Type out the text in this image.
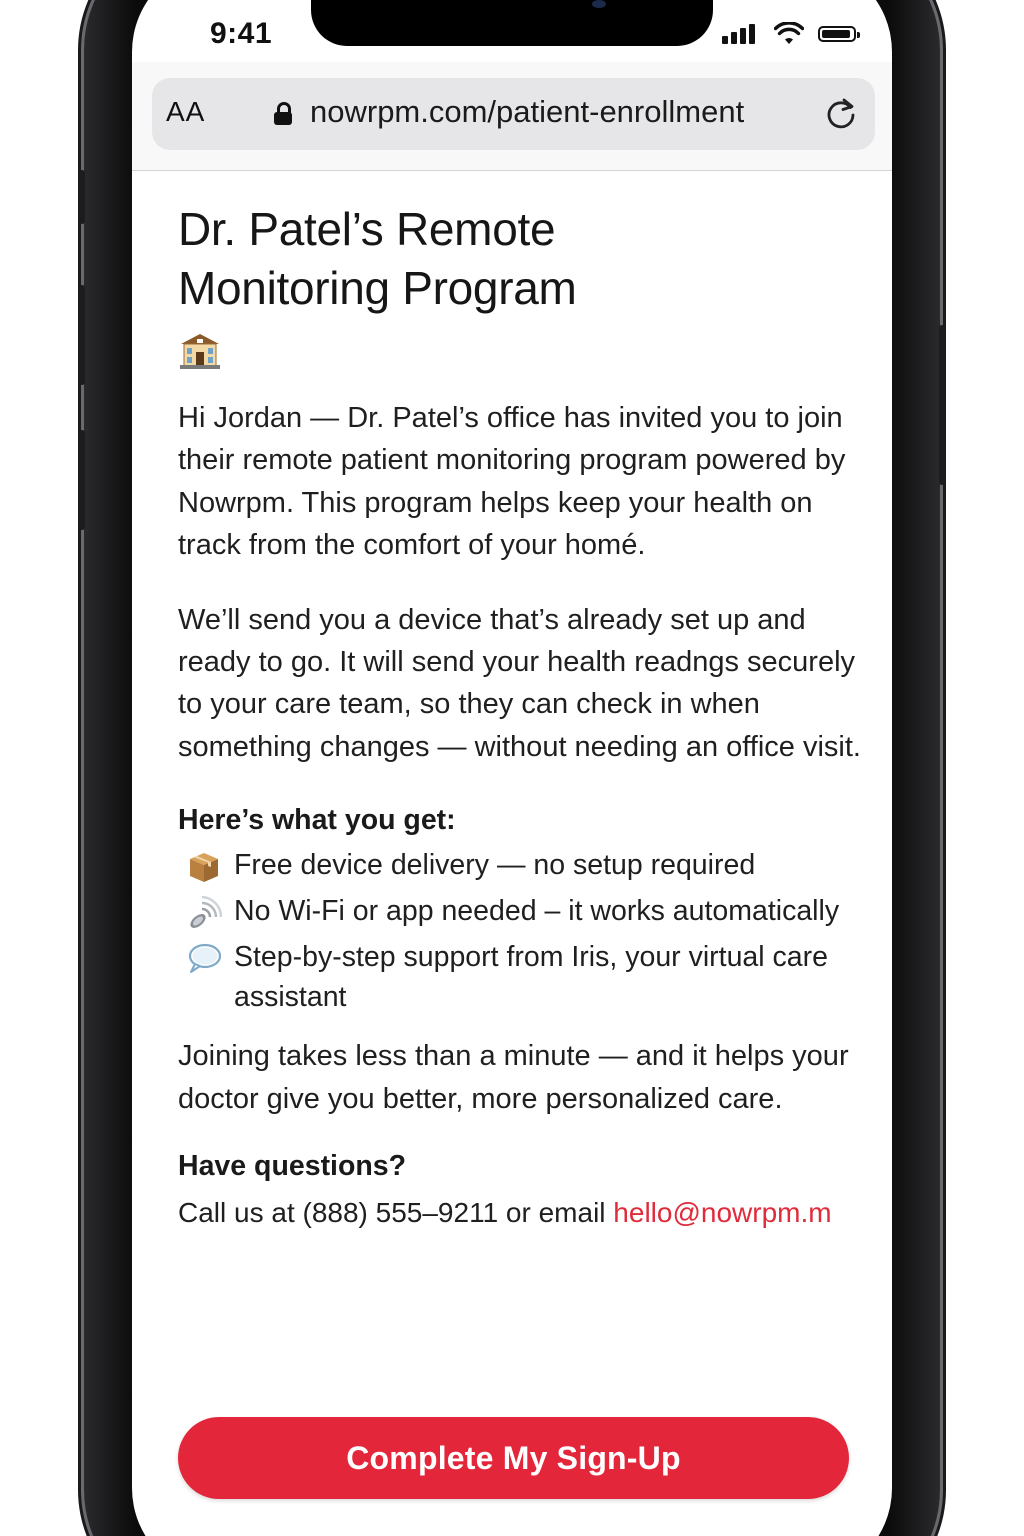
9:41
AA	nowrpm.com/patient-enrollment
Dr. Patel’s Remote
Monitoring Program

Hi Jordan — Dr. Patel’s office has invited you to join their remote patient monitoring program powered by Nowrpm. This program helps keep your health on track from the comfort of your homé.

We’ll send you a device that’s already set up and ready to go. It will send your health readngs securely to your care team, so they can check in when something changes — without needing an office visit.

Here’s what you get:
Free device delivery — no setup required
No Wi-Fi or app needed – it works automatically
Step-by-step support from Iris, your virtual care assistant

Joining takes less than a minute — and it helps your doctor give you better, more personalized care.

Have questions?
Call us at (888) 555–9211 or email hello@nowrpm.m
Complete My Sign-Up
